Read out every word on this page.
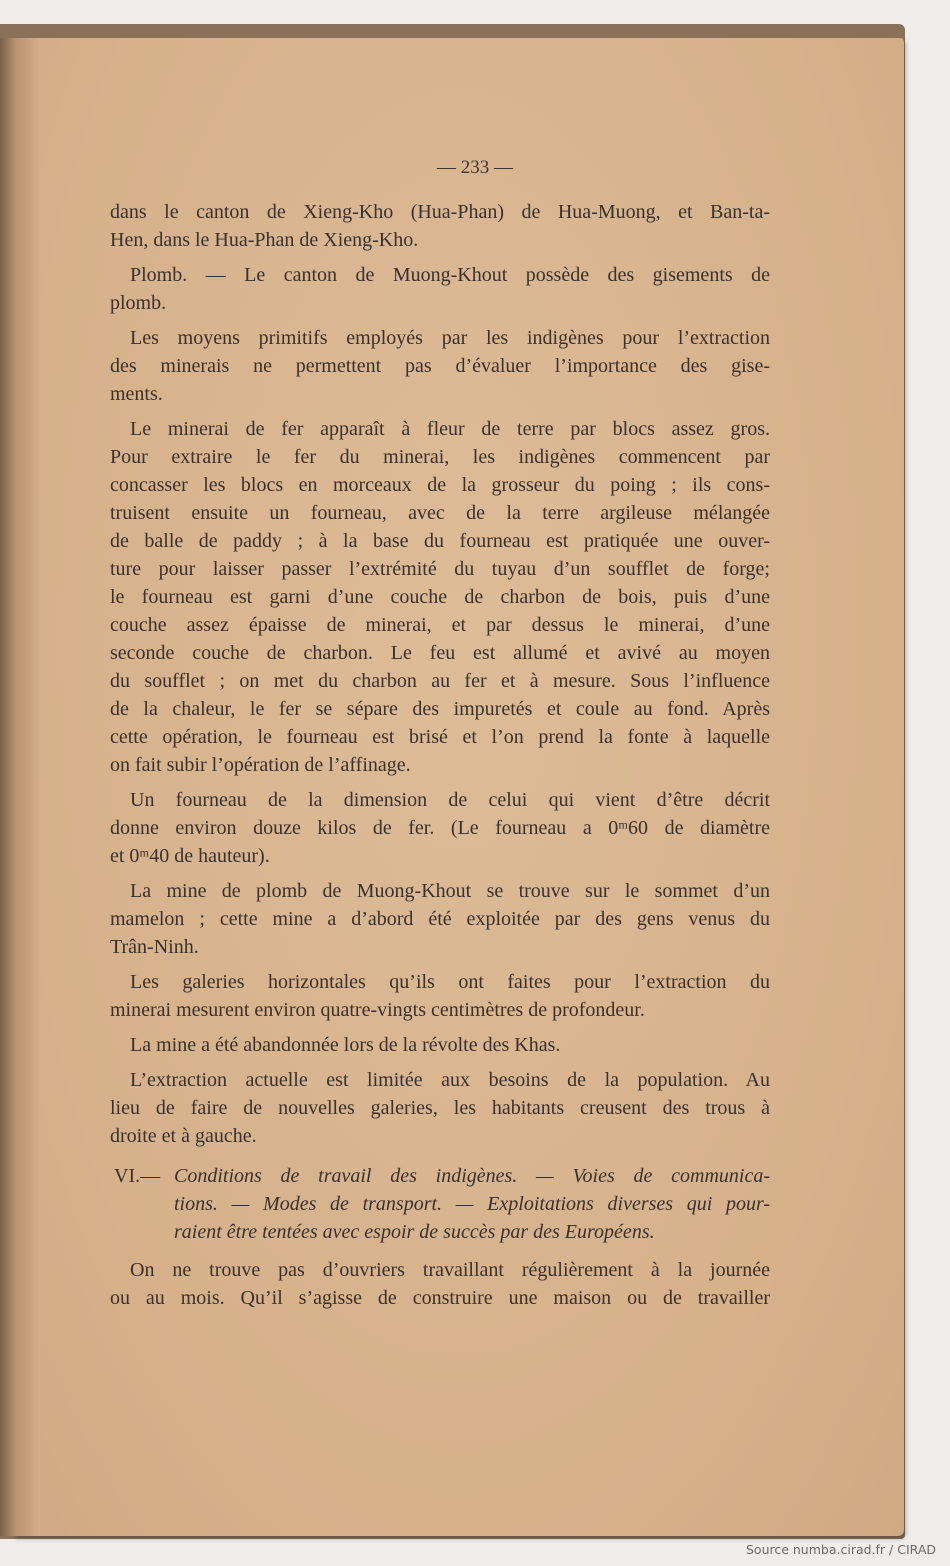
— 233 —
dans le canton de Xieng-Kho (Hua-Phan) de Hua-Muong, et Ban-ta-
Hen, dans le Hua-Phan de Xieng-Kho.
Plomb. — Le canton de Muong-Khout possède des gisements de
plomb.
Les moyens primitifs employés par les indigènes pour l’extraction
des minerais ne permettent pas d’évaluer l’importance des gise-
ments.
Le minerai de fer apparaît à fleur de terre par blocs assez gros.
Pour extraire le fer du minerai, les indigènes commencent par
concasser les blocs en morceaux de la grosseur du poing ; ils cons-
truisent ensuite un fourneau, avec de la terre argileuse mélangée
de balle de paddy ; à la base du fourneau est pratiquée une ouver-
ture pour laisser passer l’extrémité du tuyau d’un soufflet de forge;
le fourneau est garni d’une couche de charbon de bois, puis d’une
couche assez épaisse de minerai, et par dessus le minerai, d’une
seconde couche de charbon. Le feu est allumé et avivé au moyen
du soufflet ; on met du charbon au fer et à mesure. Sous l’influence
de la chaleur, le fer se sépare des impuretés et coule au fond. Après
cette opération, le fourneau est brisé et l’on prend la fonte à laquelle
on fait subir l’opération de l’affinage.
Un fourneau de la dimension de celui qui vient d’être décrit
donne environ douze kilos de fer. (Le fourneau a 0ᵐ60 de diamètre
et 0ᵐ40 de hauteur).
La mine de plomb de Muong-Khout se trouve sur le sommet d’un
mamelon ; cette mine a d’abord été exploitée par des gens venus du
Trân-Ninh.
Les galeries horizontales qu’ils ont faites pour l’extraction du
minerai mesurent environ quatre-vingts centimètres de profondeur.
La mine a été abandonnée lors de la révolte des Khas.
L’extraction actuelle est limitée aux besoins de la population. Au
lieu de faire de nouvelles galeries, les habitants creusent des trous à
droite et à gauche.
VI.— Conditions de travail des indigènes. — Voies de communica-
tions. — Modes de transport. — Exploitations diverses qui pour-
raient être tentées avec espoir de succès par des Européens.
On ne trouve pas d’ouvriers travaillant régulièrement à la journée
ou au mois. Qu’il s’agisse de construire une maison ou de travailler
Source numba.cirad.fr / CIRAD
